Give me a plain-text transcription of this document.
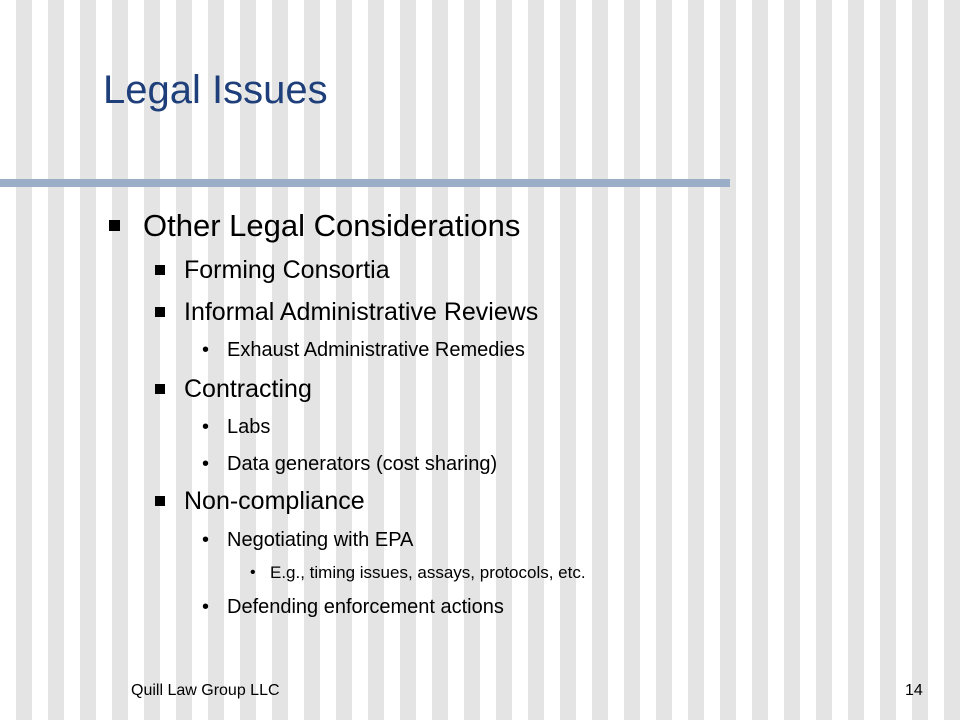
Legal Issues
Other Legal Considerations
Forming Consortia
Informal Administrative Reviews
• Exhaust Administrative Remedies
Contracting
• Labs
• Data generators (cost sharing)
Non-compliance
• Negotiating with EPA
• E.g., timing issues, assays, protocols, etc.
• Defending enforcement actions
Quill Law Group LLC	14
